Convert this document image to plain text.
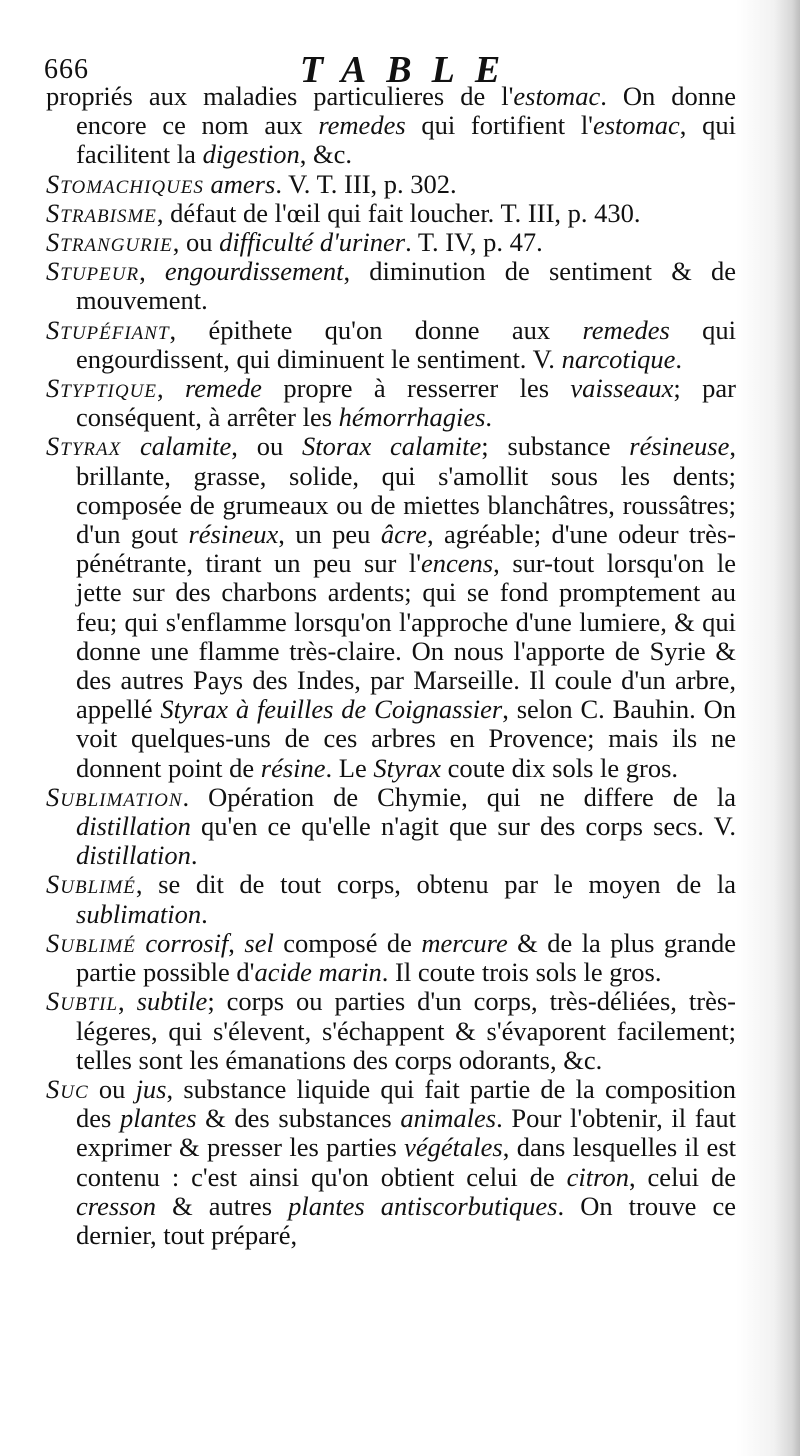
666	TABLE

propriés aux maladies particulieres de l'estomac. On donne encore ce nom aux remedes qui fortifient l'estomac, qui facilitent la digestion, &c.

Stomachiques amers. V. T. III, p. 302.

Strabisme, défaut de l'œil qui fait loucher. T. III, p. 430.

Strangurie, ou difficulté d'uriner. T. IV, p. 47.

Stupeur, engourdissement, diminution de sentiment & de mouvement.

Stupéfiant, épithete qu'on donne aux remedes qui engourdissent, qui diminuent le sentiment. V. narcotique.

Styptique, remede propre à resserrer les vaisseaux; par conséquent, à arrêter les hémorrhagies.

Styrax calamite, ou Storax calamite; substance résineuse, brillante, grasse, solide, qui s'amollit sous les dents; composée de grumeaux ou de miettes blanchâtres, roussâtres; d'un gout résineux, un peu âcre, agréable; d'une odeur très-pénétrante, tirant un peu sur l'encens, sur-tout lorsqu'on le jette sur des charbons ardents; qui se fond promptement au feu; qui s'enflamme lorsqu'on l'approche d'une lumiere, & qui donne une flamme très-claire. On nous l'apporte de Syrie & des autres Pays des Indes, par Marseille. Il coule d'un arbre, appellé Styrax à feuilles de Coignassier, selon C. Bauhin. On voit quelques-uns de ces arbres en Provence; mais ils ne donnent point de résine. Le Styrax coute dix sols le gros.

Sublimation. Opération de Chymie, qui ne differe de la distillation qu'en ce qu'elle n'agit que sur des corps secs. V. distillation.

Sublimé, se dit de tout corps, obtenu par le moyen de la sublimation.

Sublimé corrosif, sel composé de mercure & de la plus grande partie possible d'acide marin. Il coute trois sols le gros.

Subtil, subtile; corps ou parties d'un corps, très-déliées, très-légeres, qui s'élevent, s'échappent & s'évaporent facilement; telles sont les émanations des corps odorants, &c.

Suc ou jus, substance liquide qui fait partie de la composition des plantes & des substances animales. Pour l'obtenir, il faut exprimer & presser les parties végétales, dans lesquelles il est contenu : c'est ainsi qu'on obtient celui de citron, celui de cresson & autres plantes antiscorbutiques. On trouve ce dernier, tout préparé,
